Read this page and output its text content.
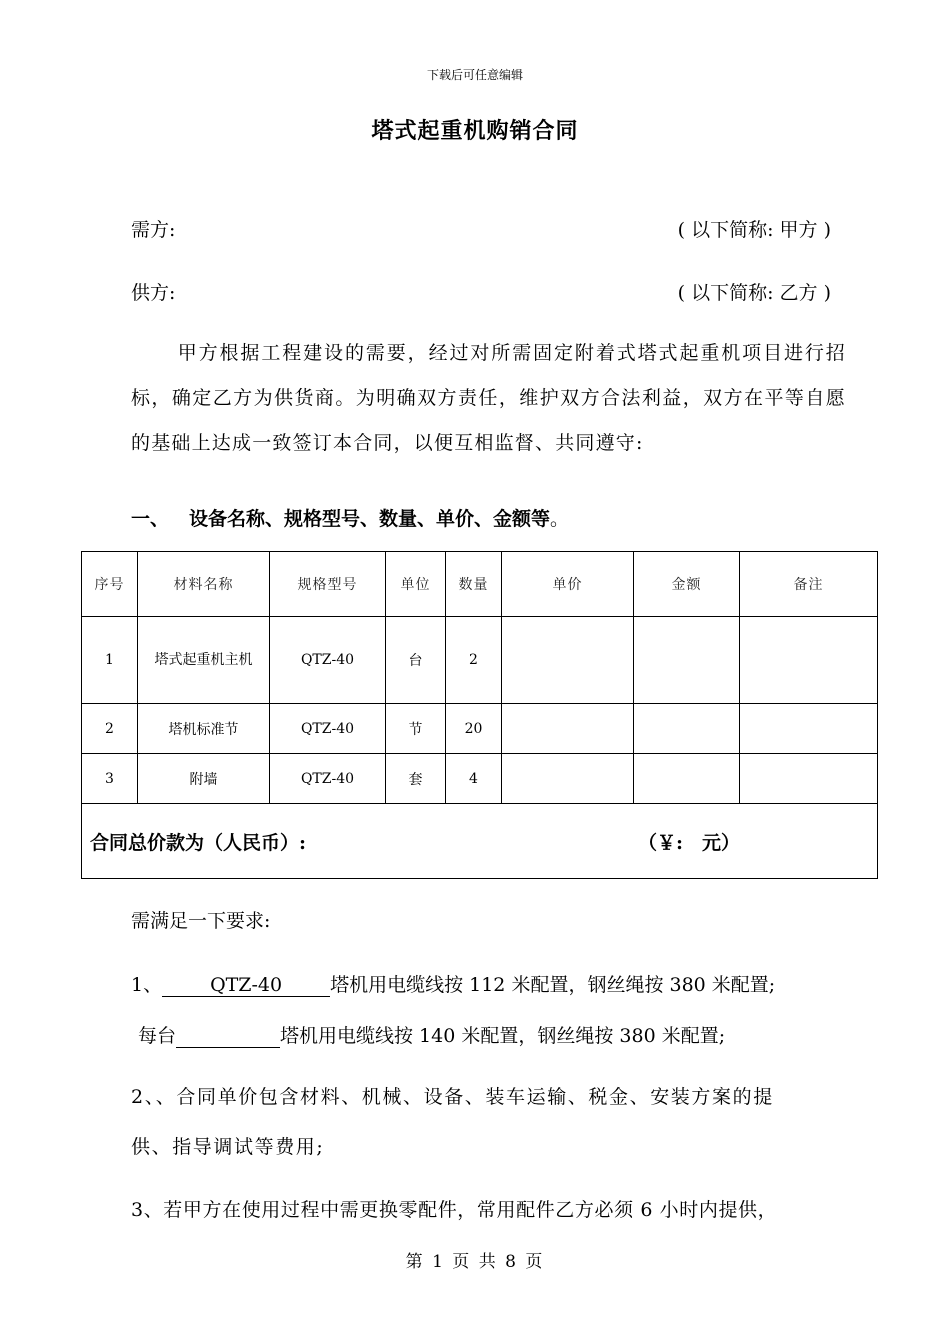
下载后可任意编辑
塔式起重机购销合同
需方:	( 以下简称: 甲方 )
供方:	( 以下简称: 乙方 )
甲方根据工程建设的需要，经过对所需固定附着式塔式起重机项目进行招标，确定乙方为供货商。为明确双方责任，维护双方合法利益，双方在平等自愿的基础上达成一致签订本合同，以便互相监督、共同遵守:
一、 设备名称、规格型号、数量、单价、金额等。
序号	材料名称	规格型号	单位	数量	单价	金额	备注
1	塔式起重机主机	QTZ-40	台	2			
2	塔机标准节	QTZ-40	节	20			
3	附墙	QTZ-40	套	4			
合同总价款为（人民币）: （￥:　元）							
需满足一下要求:
1、	QTZ-40	塔机用电缆线按 112 米配置，钢丝绳按 380 米配置;
每台	塔机用电缆线按 140 米配置，钢丝绳按 380 米配置;
2、、合同单价包含材料、机械、设备、装车运输、税金、安装方案的提
供、指导调试等费用;
3、若甲方在使用过程中需更换零配件，常用配件乙方必须 6 小时内提供，
第 1 页 共 8 页
